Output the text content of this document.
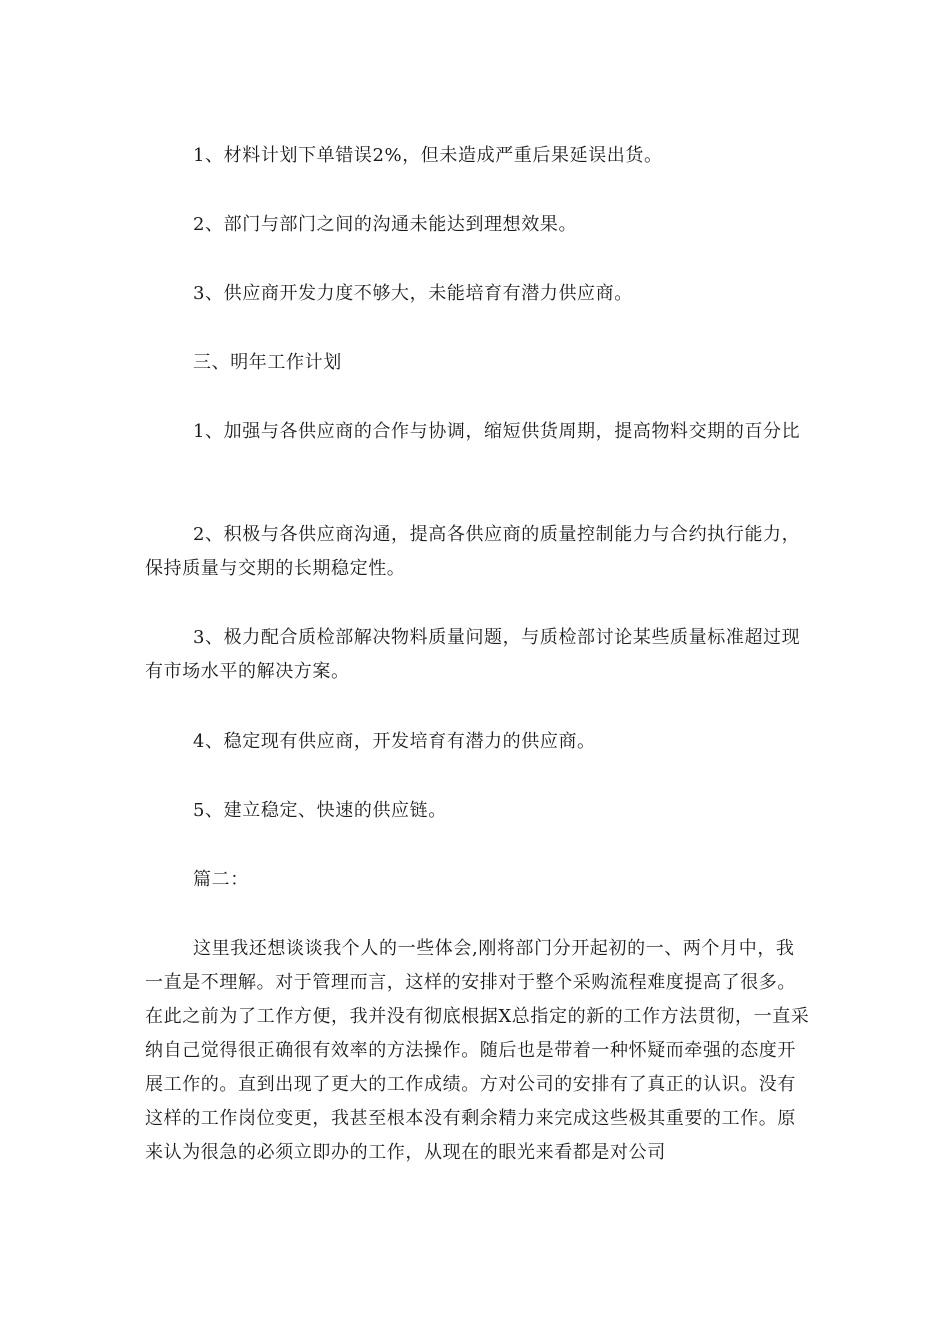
1、材料计划下单错误2%，但未造成严重后果延误出货。

2、部门与部门之间的沟通未能达到理想效果。

3、供应商开发力度不够大，未能培育有潜力供应商。

三、明年工作计划

1、加强与各供应商的合作与协调，缩短供货周期，提高物料交期的百分比

2、积极与各供应商沟通，提高各供应商的质量控制能力与合约执行能力，保持质量与交期的长期稳定性。

3、极力配合质检部解决物料质量问题，与质检部讨论某些质量标准超过现有市场水平的解决方案。

4、稳定现有供应商，开发培育有潜力的供应商。

5、建立稳定、快速的供应链。

篇二：

这里我还想谈谈我个人的一些体会,刚将部门分开起初的一、两个月中，我一直是不理解。对于管理而言，这样的安排对于整个采购流程难度提高了很多。在此之前为了工作方便，我并没有彻底根据X总指定的新的工作方法贯彻，一直采纳自己觉得很正确很有效率的方法操作。随后也是带着一种怀疑而牵强的态度开展工作的。直到出现了更大的工作成绩。方对公司的安排有了真正的认识。没有这样的工作岗位变更，我甚至根本没有剩余精力来完成这些极其重要的工作。原来认为很急的必须立即办的工作，从现在的眼光来看都是对公司
